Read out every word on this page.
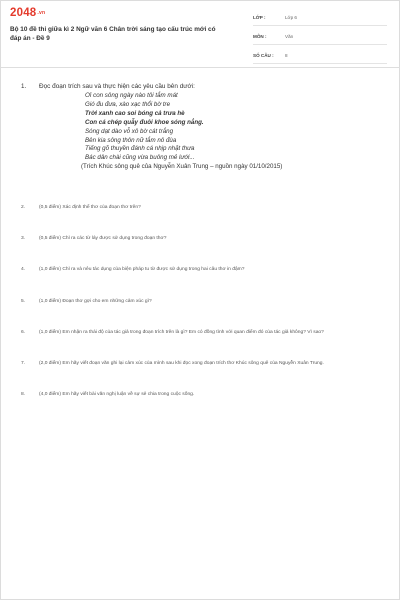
2048.vn
Bộ 10 đề thi giữa kì 2 Ngữ văn 6 Chân trời sáng tạo cấu trúc mới có đáp án - Đề 9
LỚP :	Lớp 6
MÔN :	Văn
SỐ CÂU : 8
1. Đọc đoạn trích sau và thực hiện các yêu cầu bên dưới:
Ơi con sông ngày nào tôi tắm mát
Gió đu đưa, xào xạc thổi bờ tre
Trời xanh cao soi bóng cả trưa hè
Con cá chép quẫy đuôi khoe sóng nắng.
Sóng dạt dào vỗ xô bờ cát trắng
Bên kia sông thôn nữ tắm nô đùa
Tiếng gõ thuyền đánh cá nhịp nhặt thưa
Bác dân chài cũng vừa buông mẻ lưới...
(Trích Khúc sông quê của Nguyễn Xuân Trung – nguồn ngày 01/10/2015)
2.	(0,5 điểm) Xác định thể thơ của đoạn thơ trên?
3.	(0,5 điểm) Chỉ ra các từ láy được sử dụng trong đoạn thơ?
4.	(1,0 điểm) Chỉ ra và nêu tác dụng của biện pháp tu từ được sử dụng trong hai câu thơ in đậm?
5.	(1,0 điểm) Đoạn thơ gợi cho em những cảm xúc gì?
6.	(1,0 điểm) Em nhận ra thái độ của tác giả trong đoạn trích trên là gì? Em có đồng tình với quan điểm đó của tác giả không? Vì sao?
7.	(2,0 điểm) Em hãy viết đoạn văn ghi lại cảm xúc của mình sau khi đọc xong đoạn trích thơ Khúc sông quê của Nguyễn Xuân Trung.
8.	(4,0 điểm) Em hãy viết bài văn nghị luận về sự sẻ chia trong cuộc sống.
